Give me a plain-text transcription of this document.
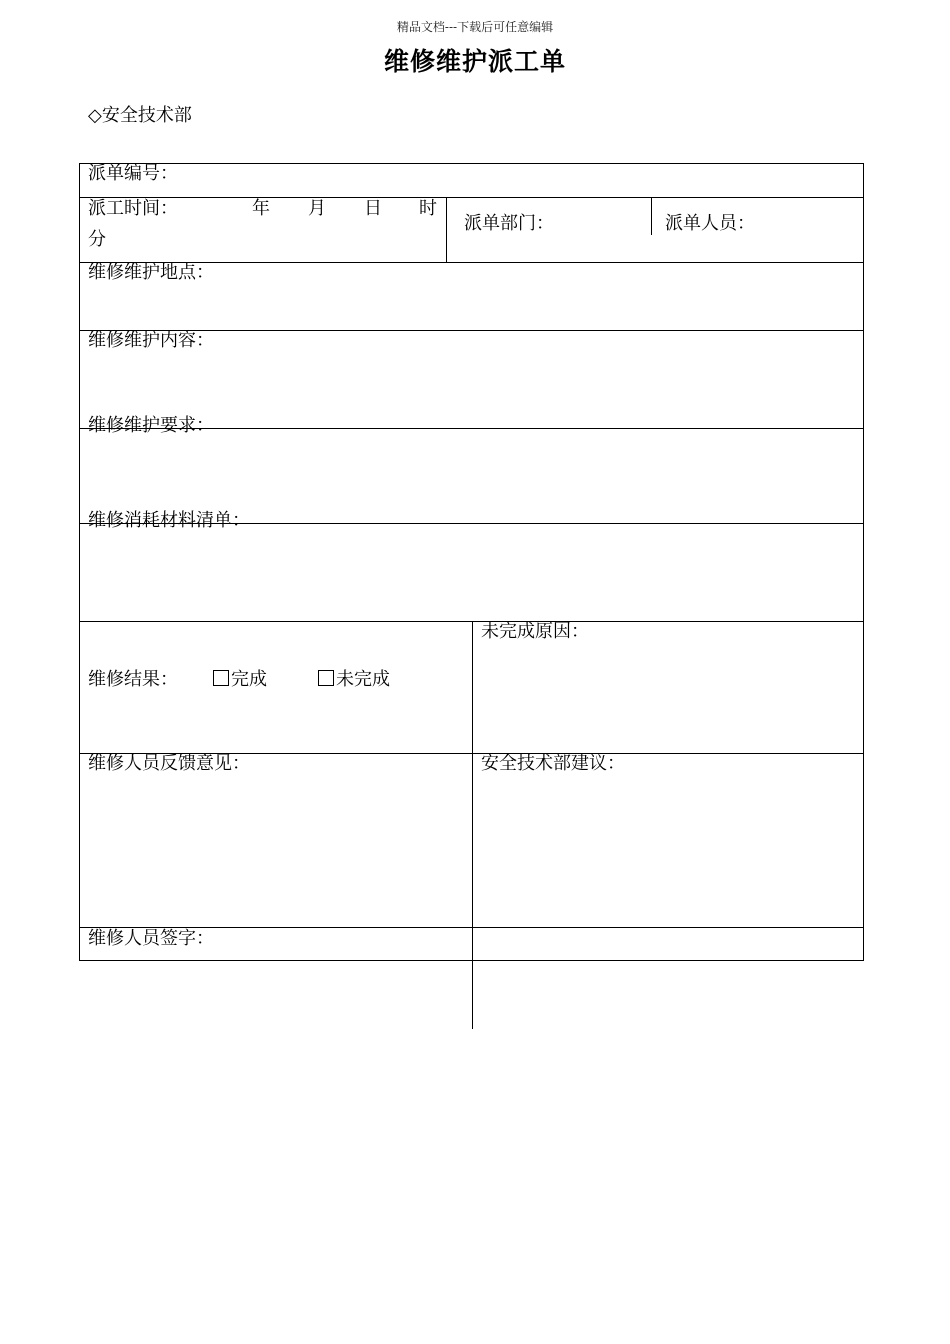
精品文档---下载后可任意编辑
维修维护派工单
◇安全技术部
派单编号：
派工时间：	年 月 日 时
分
派单部门：	派单人员：
维修维护地点：
维修维护内容：
维修维护要求：
维修消耗材料清单：
维修结果：	完成	未完成
未完成原因：
维修人员反馈意见：	安全技术部建议：
维修人员签字：
